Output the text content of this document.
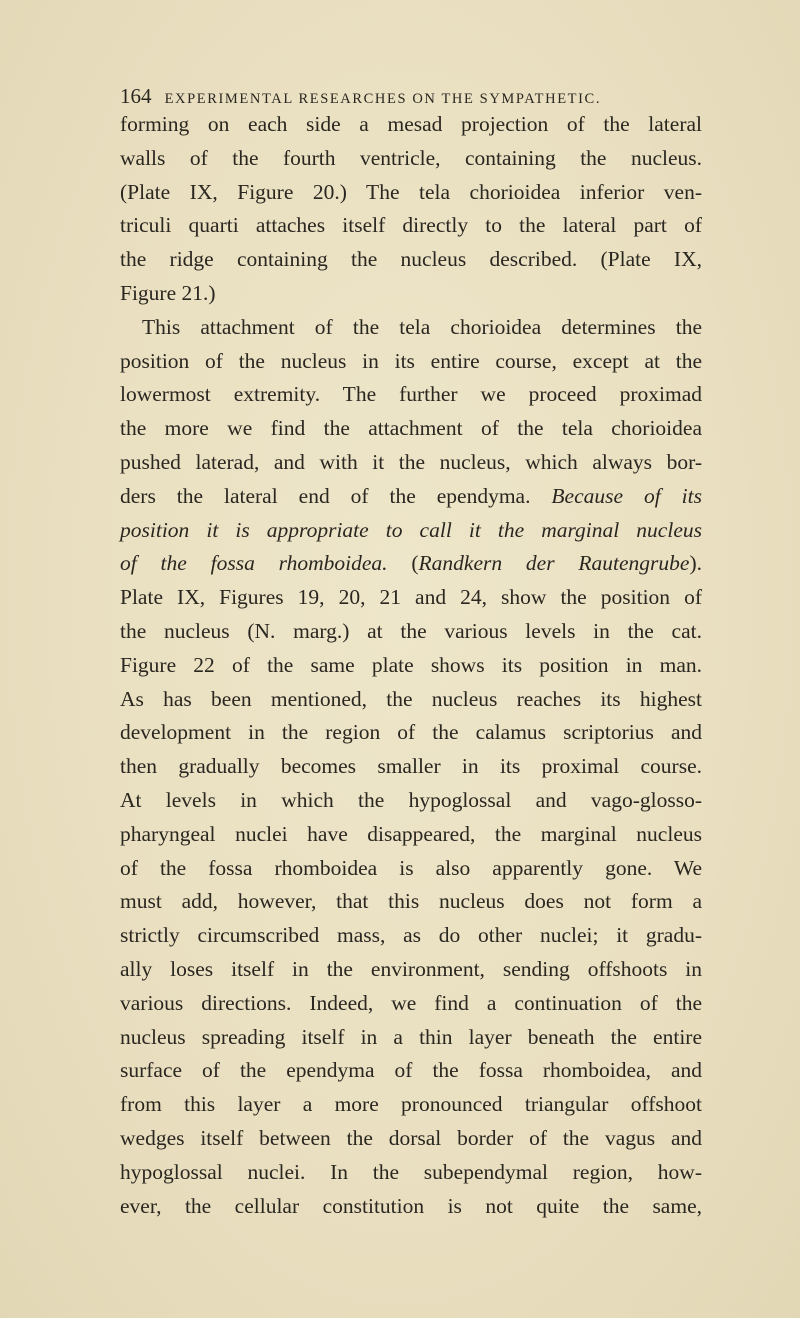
164 EXPERIMENTAL RESEARCHES ON THE SYMPATHETIC.
forming on each side a mesad projection of the lateral
walls of the fourth ventricle, containing the nucleus.
(Plate IX, Figure 20.) The tela chorioidea inferior ven-
triculi quarti attaches itself directly to the lateral part of
the ridge containing the nucleus described. (Plate IX,
Figure 21.)
This attachment of the tela chorioidea determines the
position of the nucleus in its entire course, except at the
lowermost extremity. The further we proceed proximad
the more we find the attachment of the tela chorioidea
pushed laterad, and with it the nucleus, which always bor-
ders the lateral end of the ependyma. Because of its
position it is appropriate to call it the marginal nucleus
of the fossa rhomboidea. (Randkern der Rautengrube).
Plate IX, Figures 19, 20, 21 and 24, show the position of
the nucleus (N. marg.) at the various levels in the cat.
Figure 22 of the same plate shows its position in man.
As has been mentioned, the nucleus reaches its highest
development in the region of the calamus scriptorius and
then gradually becomes smaller in its proximal course.
At levels in which the hypoglossal and vago-glosso-
pharyngeal nuclei have disappeared, the marginal nucleus
of the fossa rhomboidea is also apparently gone. We
must add, however, that this nucleus does not form a
strictly circumscribed mass, as do other nuclei; it gradu-
ally loses itself in the environment, sending offshoots in
various directions. Indeed, we find a continuation of the
nucleus spreading itself in a thin layer beneath the entire
surface of the ependyma of the fossa rhomboidea, and
from this layer a more pronounced triangular offshoot
wedges itself between the dorsal border of the vagus and
hypoglossal nuclei. In the subependymal region, how-
ever, the cellular constitution is not quite the same,
